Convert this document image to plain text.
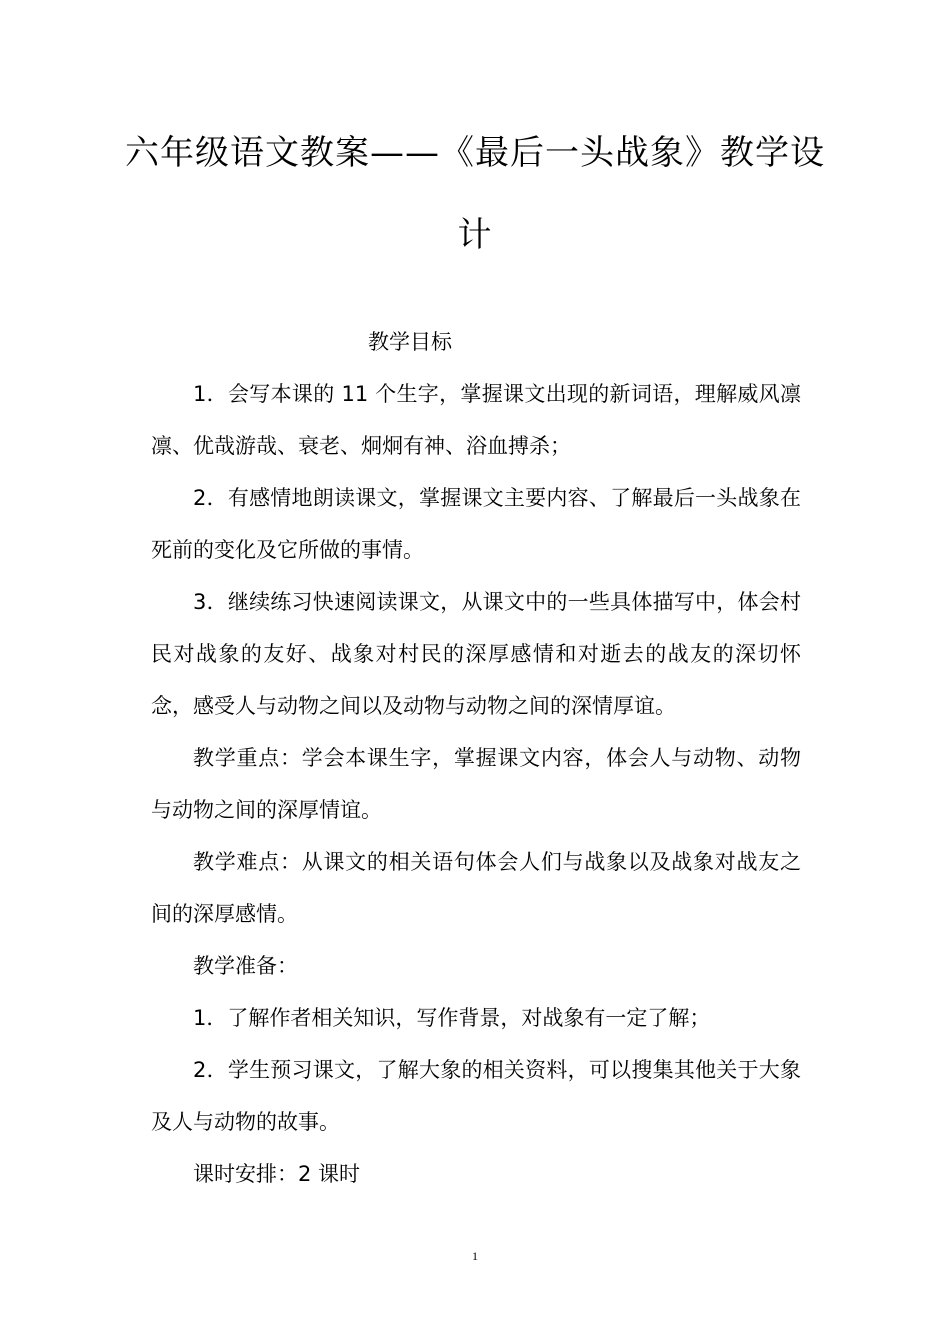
六年级语文教案——《最后一头战象》教学设计
教学目标

1．会写本课的 11 个生字，掌握课文出现的新词语，理解威风凛凛、优哉游哉、衰老、炯炯有神、浴血搏杀；

2．有感情地朗读课文，掌握课文主要内容、了解最后一头战象在死前的变化及它所做的事情。

3．继续练习快速阅读课文，从课文中的一些具体描写中，体会村民对战象的友好、战象对村民的深厚感情和对逝去的战友的深切怀念，感受人与动物之间以及动物与动物之间的深情厚谊。

教学重点：学会本课生字，掌握课文内容，体会人与动物、动物与动物之间的深厚情谊。

教学难点：从课文的相关语句体会人们与战象以及战象对战友之间的深厚感情。

教学准备：

1．了解作者相关知识，写作背景，对战象有一定了解；

2．学生预习课文，了解大象的相关资料，可以搜集其他关于大象及人与动物的故事。

课时安排：2 课时

1
